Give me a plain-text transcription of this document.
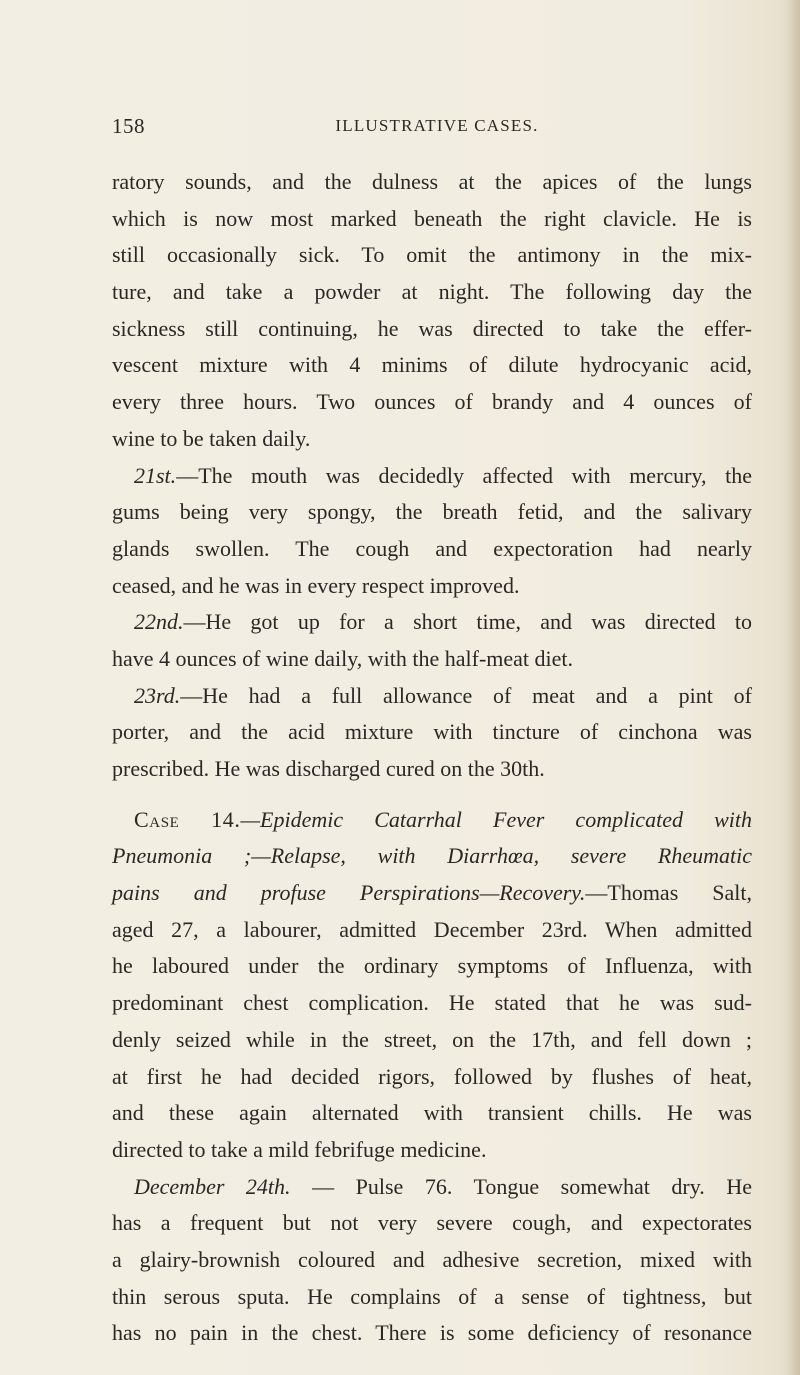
158	ILLUSTRATIVE CASES.
ratory sounds, and the dulness at the apices of the lungs
which is now most marked beneath the right clavicle. He is
still occasionally sick. To omit the antimony in the mix-
ture, and take a powder at night. The following day the
sickness still continuing, he was directed to take the effer-
vescent mixture with 4 minims of dilute hydrocyanic acid,
every three hours. Two ounces of brandy and 4 ounces of
wine to be taken daily.
21st.—The mouth was decidedly affected with mercury, the
gums being very spongy, the breath fetid, and the salivary
glands swollen. The cough and expectoration had nearly
ceased, and he was in every respect improved.
22nd.—He got up for a short time, and was directed to
have 4 ounces of wine daily, with the half-meat diet.
23rd.—He had a full allowance of meat and a pint of
porter, and the acid mixture with tincture of cinchona was
prescribed. He was discharged cured on the 30th.
Case 14.—Epidemic Catarrhal Fever complicated with
Pneumonia ;—Relapse, with Diarrhœa, severe Rheumatic
pains and profuse Perspirations—Recovery.—Thomas Salt,
aged 27, a labourer, admitted December 23rd. When admitted
he laboured under the ordinary symptoms of Influenza, with
predominant chest complication. He stated that he was sud-
denly seized while in the street, on the 17th, and fell down ;
at first he had decided rigors, followed by flushes of heat,
and these again alternated with transient chills. He was
directed to take a mild febrifuge medicine.
December 24th. — Pulse 76. Tongue somewhat dry. He
has a frequent but not very severe cough, and expectorates
a glairy-brownish coloured and adhesive secretion, mixed with
thin serous sputa. He complains of a sense of tightness, but
has no pain in the chest. There is some deficiency of resonance
